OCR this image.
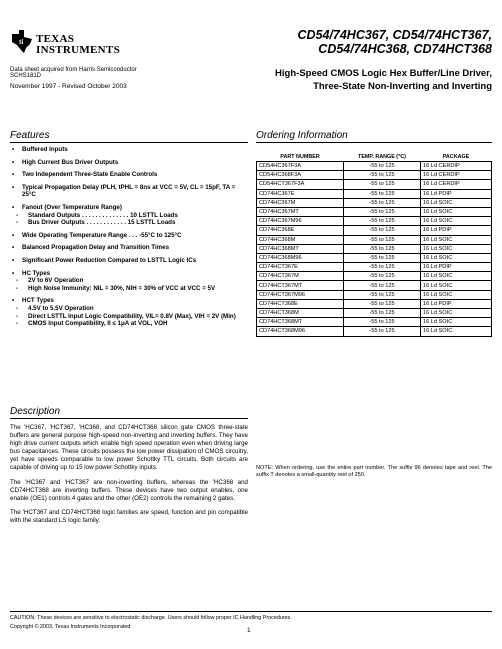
ti TEXAS
INSTRUMENTS
CD54/74HC367, CD54/74HCT367,
CD54/74HC368, CD74HCT368
Data sheet acquired from Harris Semiconductor
SCHS181D
November 1997 - Revised October 2003
High-Speed CMOS Logic Hex Buffer/Line Driver,
Three-State Non-Inverting and Inverting
Features	Ordering Information
Description
• Buffered Inputs
• High Current Bus Driver Outputs
• Two Independent Three-State Enable Controls
• Typical Propagation Delay tPLH, tPHL = 8ns at VCC = 5V, CL = 15pF, TA = 25°C
• Fanout (Over Temperature Range)
- Standard Outputs . . . . . . . . . . . . . . 10 LSTTL Loads
- Bus Driver Outputs . . . . . . . . . . . . 15 LSTTL Loads
• Wide Operating Temperature Range . . . -55°C to 125°C
• Balanced Propagation Delay and Transition Times
• Significant Power Reduction Compared to LSTTL Logic ICs
• HC Types
- 2V to 6V Operation
- High Noise Immunity: NIL = 30%, NIH = 30% of VCC at VCC = 5V
• HCT Types
- 4.5V to 5.5V Operation
- Direct LSTTL Input Logic Compatibility, VIL= 0.8V (Max), VIH = 2V (Min)
- CMOS Input Compatibility, II ≤ 1μA at VOL, VOH

The 'HC367, 'HCT367, 'HC368, and CD74HCT368 silicon gate CMOS three-state buffers are general purpose high-speed non-inverting and inverting buffers. They have high drive current outputs which enable high speed operation even when driving large bus capacitances. These circuits possess the low power dissipation of CMOS circuitry, yet have speeds comparable to low power Schottky TTL circuits. Both circuits are capable of driving up to 15 low power Schottky inputs.

The 'HC367 and 'HCT367 are non-inverting buffers, whereas the 'HC368 and CD74HCT368 are inverting buffers. These devices have two output enables, one enable (OE1) controls 4 gates and the other (OE2) controls the remaining 2 gates.

The 'HCT367 and CD74HCT368 logic families are speed, function and pin compatible with the standard LS logic family.

PART NUMBER	TEMP. RANGE (°C)	PACKAGE
CD54HC367F3A	-55 to 125	16 Ld CERDIP
CD54HC368F3A	-55 to 125	16 Ld CERDIP
CD54HCT367F3A	-55 to 125	16 Ld CERDIP
CD74HC367E	-55 to 125	16 Ld PDIP
CD74HC367M	-55 to 125	16 Ld SOIC
CD74HC367MT	-55 to 125	16 Ld SOIC
CD74HC367M96	-55 to 125	16 Ld SOIC
CD74HC368E	-55 to 125	16 Ld PDIP
CD74HC368M	-55 to 125	16 Ld SOIC
CD74HC368MT	-55 to 125	16 Ld SOIC
CD74HC368M96	-55 to 125	16 Ld SOIC
CD74HCT367E	-55 to 125	16 Ld PDIP
CD74HCT367M	-55 to 125	16 Ld SOIC
CD74HCT367MT	-55 to 125	16 Ld SOIC
CD74HCT367M96	-55 to 125	16 Ld SOIC
CD74HCT368E	-55 to 125	16 Ld PDIP
CD74HCT368M	-55 to 125	16 Ld SOIC
CD74HCT368MT	-55 to 125	16 Ld SOIC
CD74HCT368M96	-55 to 125	16 Ld SOIC
NOTE: When ordering, use the entire part number. The suffix 96 denotes tape and reel. The suffix T denotes a small-quantity reel of 250.
CAUTION: These devices are sensitive to electrostatic discharge. Users should follow proper IC Handling Procedures.
Copyright © 2003, Texas Instruments Incorporated	1
